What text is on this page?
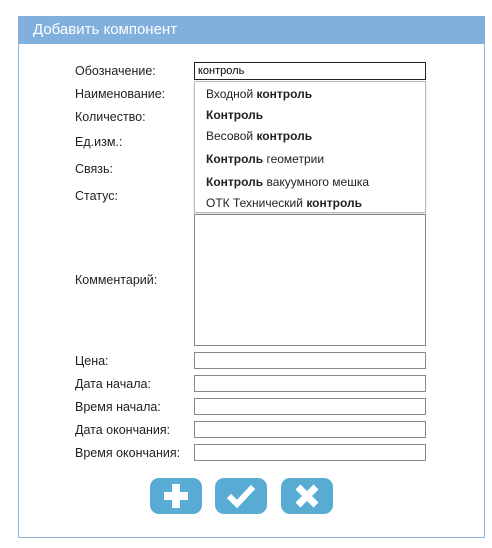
Добавить компонент
Обозначение:
Наименование:
Количество:
Ед.изм.:
Связь:
Статус:
Комментарий:
Цена:
Дата начала:
Время начала:
Дата окончания:
Время окончания:
контроль
Входной контроль
Контроль
Весовой контроль
Контроль геометрии
Контроль вакуумного мешка
ОТК Технический контроль
